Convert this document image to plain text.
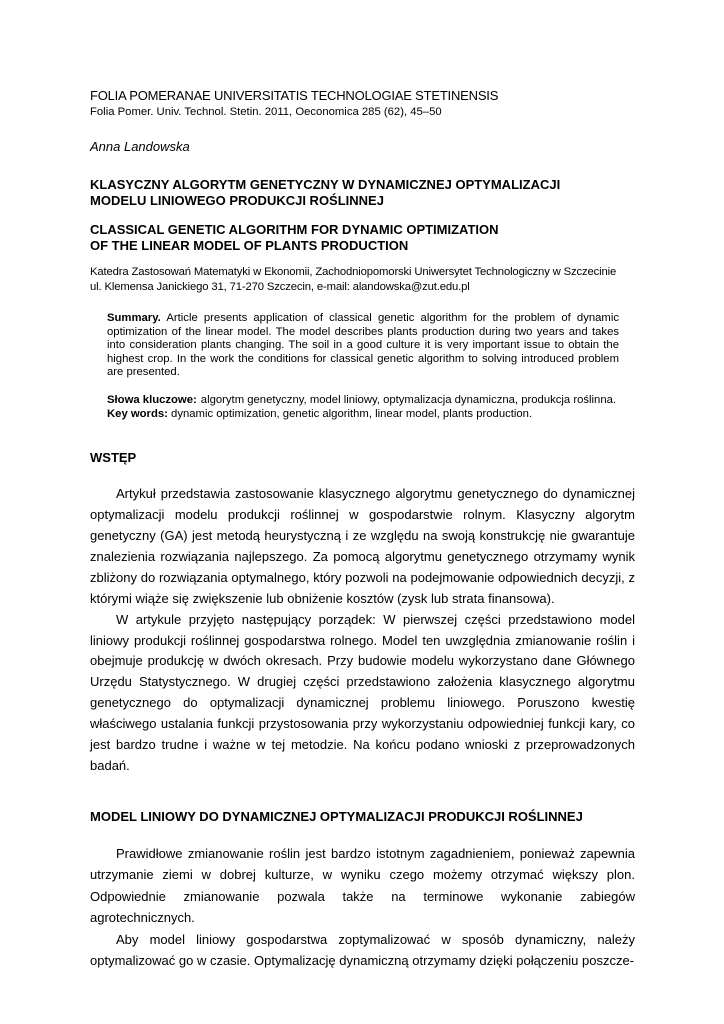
FOLIA POMERANAE UNIVERSITATIS TECHNOLOGIAE STETINENSIS

Folia Pomer. Univ. Technol. Stetin. 2011, Oeconomica 285 (62), 45–50

Anna Landowska

KLASYCZNY ALGORYTM GENETYCZNY W DYNAMICZNEJ OPTYMALIZACJI
MODELU LINIOWEGO PRODUKCJI ROŚLINNEJ
CLASSICAL GENETIC ALGORITHM FOR DYNAMIC OPTIMIZATION
OF THE LINEAR MODEL OF PLANTS PRODUCTION
Katedra Zastosowań Matematyki w Ekonomii, Zachodniopomorski Uniwersytet Technologiczny w Szczecinie
ul. Klemensa Janickiego 31, 71-270 Szczecin, e-mail: alandowska@zut.edu.pl
Summary. Article presents application of classical genetic algorithm for the problem of dynamic optimization of the linear model. The model describes plants production during two years and takes into consideration plants changing. The soil in a good culture it is very important issue to obtain the highest crop. In the work the conditions for classical genetic algorithm to solving introduced problem are presented.
Słowa kluczowe: algorytm genetyczny, model liniowy, optymalizacja dynamiczna, produkcja roślinna.
Key words: dynamic optimization, genetic algorithm, linear model, plants production.
WSTĘP

Artykuł przedstawia zastosowanie klasycznego algorytmu genetycznego do dynamicznej optymalizacji modelu produkcji roślinnej w gospodarstwie rolnym. Klasyczny algorytm genetyczny (GA) jest metodą heurystyczną i ze względu na swoją konstrukcję nie gwarantuje znalezienia rozwiązania najlepszego. Za pomocą algorytmu genetycznego otrzymamy wynik zbliżony do rozwiązania optymalnego, który pozwoli na podejmowanie odpowiednich decyzji, z którymi wiąże się zwiększenie lub obniżenie kosztów (zysk lub strata finansowa).

W artykule przyjęto następujący porządek: W pierwszej części przedstawiono model liniowy produkcji roślinnej gospodarstwa rolnego. Model ten uwzględnia zmianowanie roślin i obejmuje produkcję w dwóch okresach. Przy budowie modelu wykorzystano dane Głównego Urzędu Statystycznego. W drugiej części przedstawiono założenia klasycznego algorytmu genetycznego do optymalizacji dynamicznej problemu liniowego. Poruszono kwestię właściwego ustalania funkcji przystosowania przy wykorzystaniu odpowiedniej funkcji kary, co jest bardzo trudne i ważne w tej metodzie. Na końcu podano wnioski z przeprowadzonych badań.

MODEL LINIOWY DO DYNAMICZNEJ OPTYMALIZACJI PRODUKCJI ROŚLINNEJ

Prawidłowe zmianowanie roślin jest bardzo istotnym zagadnieniem, ponieważ zapewnia utrzymanie ziemi w dobrej kulturze, w wyniku czego możemy otrzymać większy plon. Odpowiednie zmianowanie pozwala także na terminowe wykonanie zabiegów agrotechnicznych.

Aby model liniowy gospodarstwa zoptymalizować w sposób dynamiczny, należy optymalizować go w czasie. Optymalizację dynamiczną otrzymamy dzięki połączeniu poszcze-
